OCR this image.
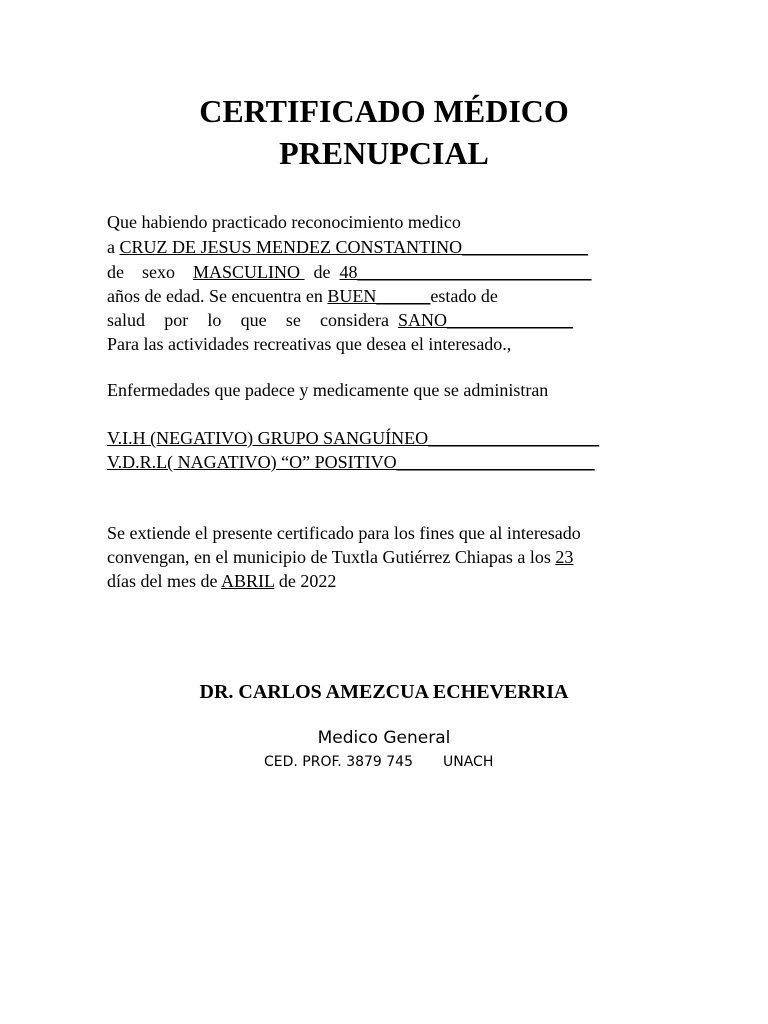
CERTIFICADO MÉDICO
PRENUPCIAL
Que habiendo practicado reconocimiento medico
a CRUZ DE JESUS MENDEZ CONSTANTINO______________
de sexo MASCULINO de 48__________________________
años de edad. Se encuentra en BUEN______estado de
salud por lo que se considera SANO______________
Para las actividades recreativas que desea el interesado.,
Enfermedades que padece y medicamente que se administran
V.I.H (NEGATIVO) GRUPO SANGUÍNEO___________________
V.D.R.L( NAGATIVO) “O” POSITIVO______________________
Se extiende el presente certificado para los fines que al interesado
convengan, en el municipio de Tuxtla Gutiérrez Chiapas a los 23
días del mes de ABRIL de 2022
DR. CARLOS AMEZCUA ECHEVERRIA
Medico General
CED. PROF. 3879 745 UNACH
